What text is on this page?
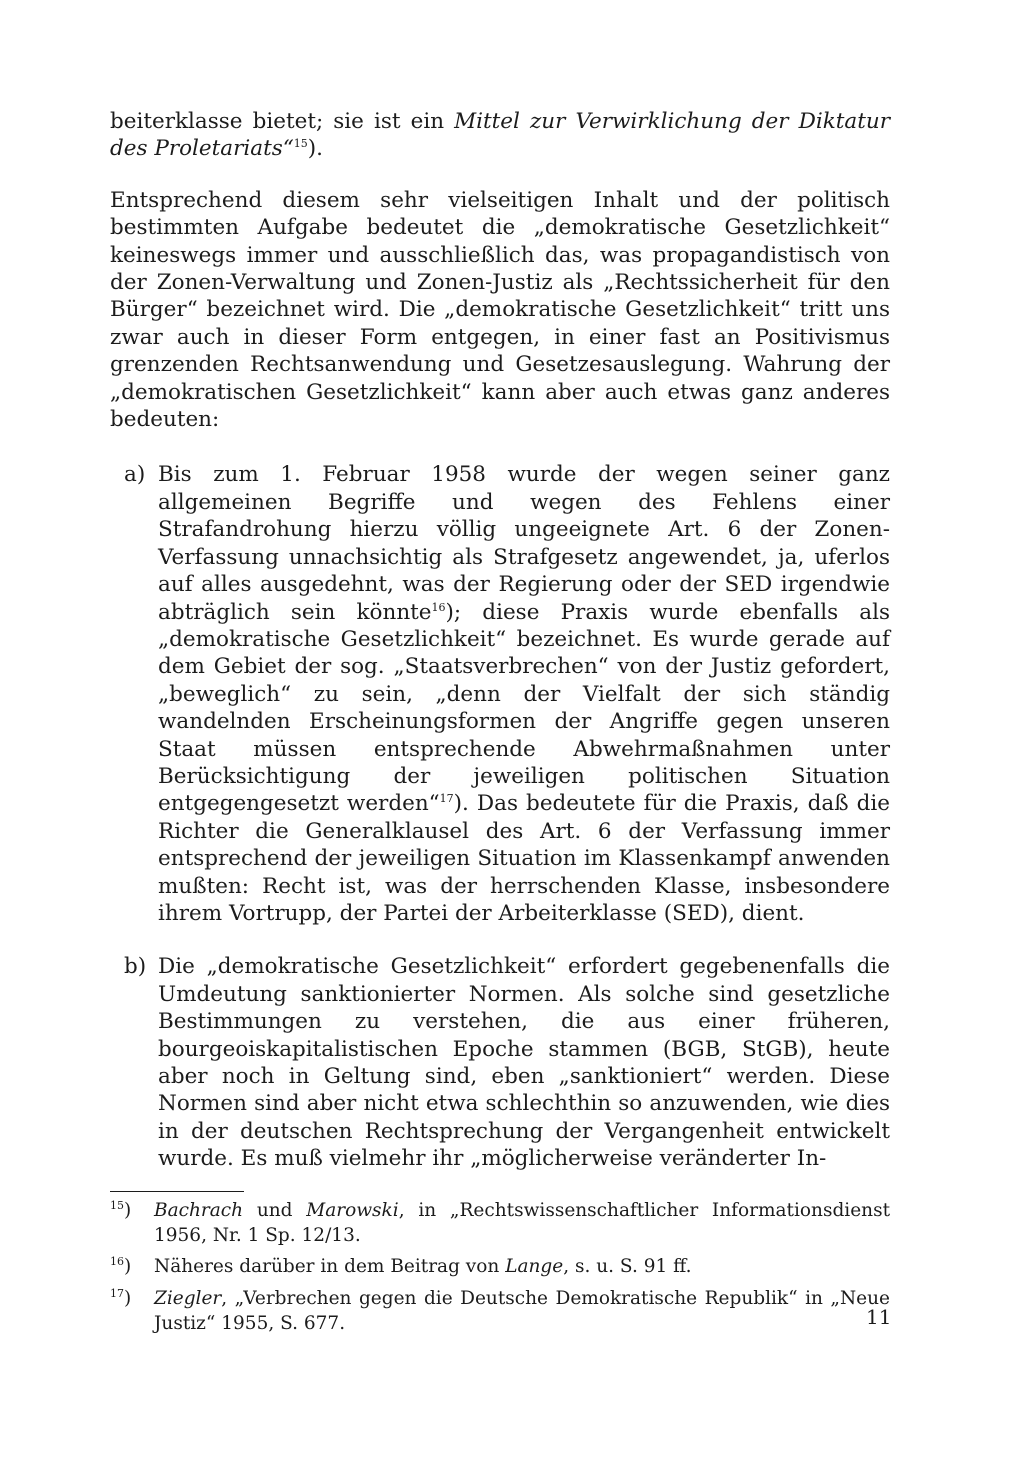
beiterklasse bietet; sie ist ein Mittel zur Verwirklichung der Diktatur des Proletariats“$^{15}$).

Entsprechend diesem sehr vielseitigen Inhalt und der politisch bestimmten Aufgabe bedeutet die „demokratische Gesetzlichkeit“ keineswegs immer und ausschließlich das, was propagandistisch von der Zonen-Verwaltung und Zonen-Justiz als „Rechtssicherheit für den Bürger“ bezeichnet wird. Die „demokratische Gesetzlichkeit“ tritt uns zwar auch in dieser Form entgegen, in einer fast an Positivismus grenzenden Rechtsanwendung und Gesetzesauslegung. Wahrung der „demokratischen Gesetzlichkeit“ kann aber auch etwas ganz anderes bedeuten:

a) Bis zum 1. Februar 1958 wurde der wegen seiner ganz allgemeinen Begriffe und wegen des Fehlens einer Strafandrohung hierzu völlig ungeeignete Art. 6 der Zonen-Verfassung unnachsichtig als Strafgesetz angewendet, ja, uferlos auf alles ausgedehnt, was der Regierung oder der SED irgendwie abträglich sein könnte$^{16}$); diese Praxis wurde ebenfalls als „demokratische Gesetzlichkeit“ bezeichnet. Es wurde gerade auf dem Gebiet der sog. „Staatsverbrechen“ von der Justiz gefordert, „beweglich“ zu sein, „denn der Vielfalt der sich ständig wandelnden Erscheinungsformen der Angriffe gegen unseren Staat müssen entsprechende Abwehrmaßnahmen unter Berücksichtigung der jeweiligen politischen Situation entgegengesetzt werden“$^{17}$). Das bedeutete für die Praxis, daß die Richter die Generalklausel des Art. 6 der Verfassung immer entsprechend der jeweiligen Situation im Klassenkampf anwenden mußten: Recht ist, was der herrschenden Klasse, insbesondere ihrem Vortrupp, der Partei der Arbeiterklasse (SED), dient.
b) Die „demokratische Gesetzlichkeit“ erfordert gegebenenfalls die Umdeutung sanktionierter Normen. Als solche sind gesetzliche Bestimmungen zu verstehen, die aus einer früheren, bourgeoiskapitalistischen Epoche stammen (BGB, StGB), heute aber noch in Geltung sind, eben „sanktioniert“ werden. Diese Normen sind aber nicht etwa schlechthin so anzuwenden, wie dies in der deutschen Rechtsprechung der Vergangenheit entwickelt wurde. Es muß vielmehr ihr „möglicherweise veränderter In-
$^{15}$) Bachrach und Marowski, in „Rechtswissenschaftlicher Informationsdienst 1956, Nr. 1 Sp. 12/13.
$^{16}$) Näheres darüber in dem Beitrag von Lange, s. u. S. 91 ff.
$^{17}$) Ziegler, „Verbrechen gegen die Deutsche Demokratische Republik“ in „Neue Justiz“ 1955, S. 677.	11
